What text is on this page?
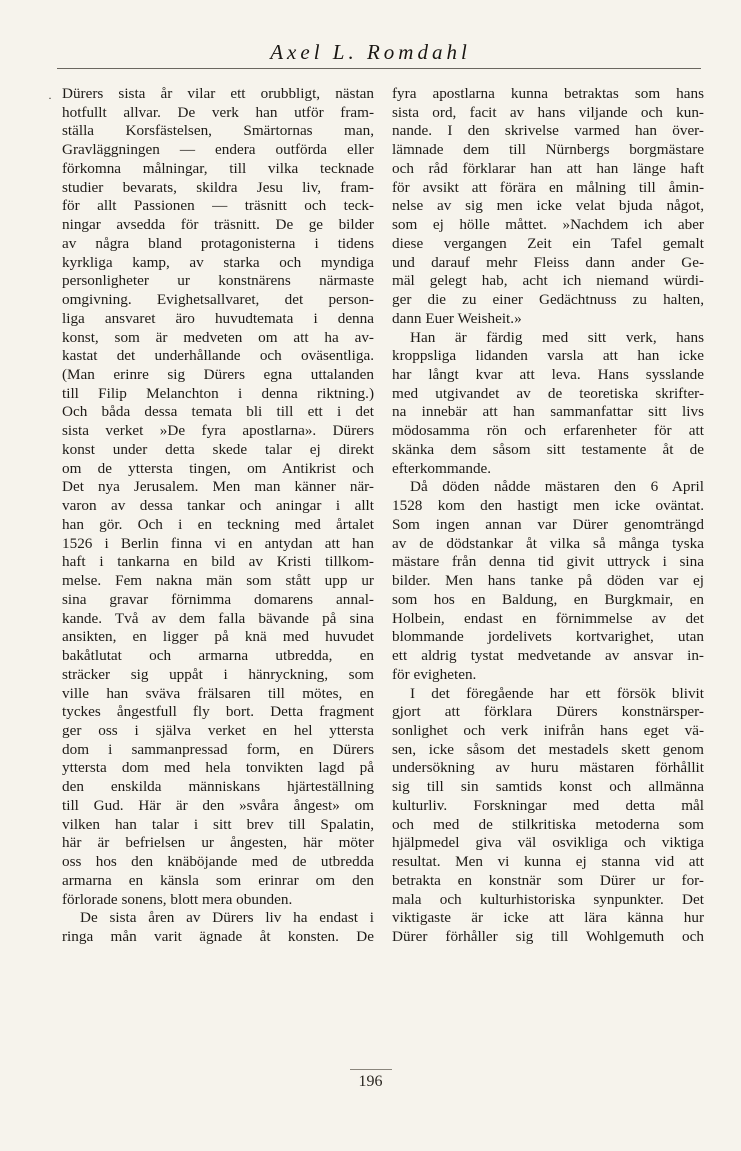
Axel L. Romdahl
· Dürers sista år vilar ett orubbligt, nästan
hotfullt allvar. De verk han utför fram-
ställa Korsfästelsen, Smärtornas man,
Gravläggningen — endera outförda eller
förkomna målningar, till vilka tecknade
studier bevarats, skildra Jesu liv, fram-
för allt Passionen — träsnitt och teck-
ningar avsedda för träsnitt. De ge bilder
av några bland protagonisterna i tidens
kyrkliga kamp, av starka och myndiga
personligheter ur konstnärens närmaste
omgivning. Evighetsallvaret, det person-
liga ansvaret äro huvudtemata i denna
konst, som är medveten om att ha av-
kastat det underhållande och oväsentliga.
(Man erinre sig Dürers egna uttalanden
till Filip Melanchton i denna riktning.)
Och båda dessa temata bli till ett i det
sista verket »De fyra apostlarna». Dürers
konst under detta skede talar ej direkt
om de yttersta tingen, om Antikrist och
Det nya Jerusalem. Men man känner när-
varon av dessa tankar och aningar i allt
han gör. Och i en teckning med årtalet
1526 i Berlin finna vi en antydan att han
haft i tankarna en bild av Kristi tillkom-
melse. Fem nakna män som stått upp ur
sina gravar förnimma domarens annal-
kande. Två av dem falla bävande på sina
ansikten, en ligger på knä med huvudet
bakåtlutat och armarna utbredda, en
sträcker sig uppåt i hänryckning, som
ville han sväva frälsaren till mötes, en
tyckes ångestfull fly bort. Detta fragment
ger oss i själva verket en hel yttersta
dom i sammanpressad form, en Dürers
yttersta dom med hela tonvikten lagd på
den enskilda människans hjärteställning
till Gud. Här är den »svåra ångest» om
vilken han talar i sitt brev till Spalatin,
här är befrielsen ur ångesten, här möter
oss hos den knäböjande med de utbredda
armarna en känsla som erinrar om den
förlorade sonens, blott mera obunden.
De sista åren av Dürers liv ha endast i
ringa mån varit ägnade åt konsten. De
fyra apostlarna kunna betraktas som hans
sista ord, facit av hans viljande och kun-
nande. I den skrivelse varmed han över-
lämnade dem till Nürnbergs borgmästare
och råd förklarar han att han länge haft
för avsikt att förära en målning till åmin-
nelse av sig men icke velat bjuda något,
som ej hölle måttet. »Nachdem ich aber
diese vergangen Zeit ein Tafel gemalt
und darauf mehr Fleiss dann ander Ge-
mäl gelegt hab, acht ich niemand würdi-
ger die zu einer Gedächtnuss zu halten,
dann Euer Weisheit.»
Han är färdig med sitt verk, hans
kroppsliga lidanden varsla att han icke
har långt kvar att leva. Hans sysslande
med utgivandet av de teoretiska skrifter-
na innebär att han sammanfattar sitt livs
mödosamma rön och erfarenheter för att
skänka dem såsom sitt testamente åt de
efterkommande.
Då döden nådde mästaren den 6 April
1528 kom den hastigt men icke oväntat.
Som ingen annan var Dürer genomträngd
av de dödstankar åt vilka så många tyska
mästare från denna tid givit uttryck i sina
bilder. Men hans tanke på döden var ej
som hos en Baldung, en Burgkmair, en
Holbein, endast en förnimmelse av det
blommande jordelivets kortvarighet, utan
ett aldrig tystat medvetande av ansvar in-
för evigheten.
I det föregående har ett försök blivit
gjort att förklara Dürers konstnärsper-
sonlighet och verk inifrån hans eget vä-
sen, icke såsom det mestadels skett genom
undersökning av huru mästaren förhållit
sig till sin samtids konst och allmänna
kulturliv. Forskningar med detta mål
och med de stilkritiska metoderna som
hjälpmedel giva väl osvikliga och viktiga
resultat. Men vi kunna ej stanna vid att
betrakta en konstnär som Dürer ur for-
mala och kulturhistoriska synpunkter. Det
viktigaste är icke att lära känna hur
Dürer förhåller sig till Wohlgemuth och
196
